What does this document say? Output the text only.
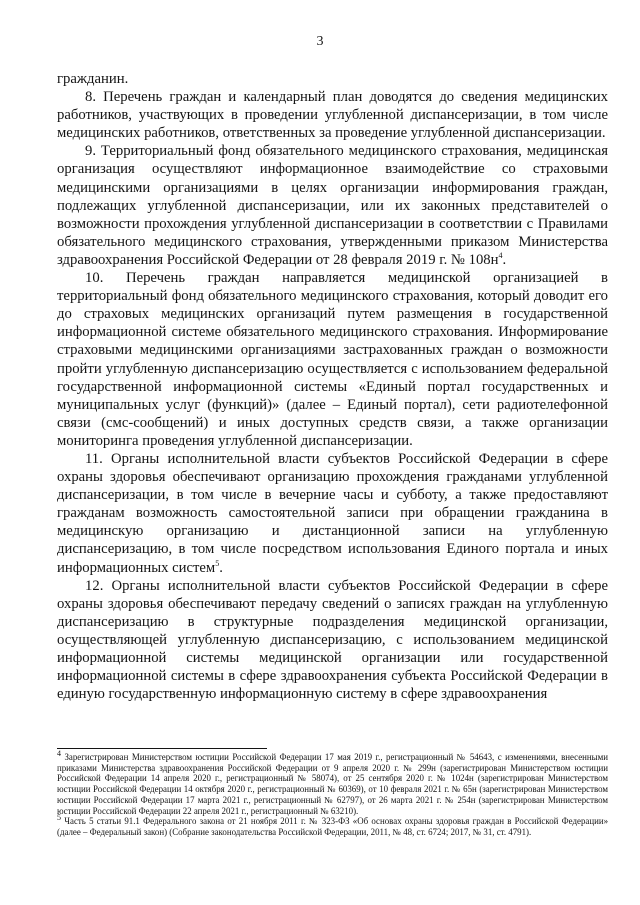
3

гражданин.

8. Перечень граждан и календарный план доводятся до сведения медицинских работников, участвующих в проведении углубленной диспансеризации, в том числе медицинских работников, ответственных за проведение углубленной диспансеризации.

9. Территориальный фонд обязательного медицинского страхования, медицинская организация осуществляют информационное взаимодействие со страховыми медицинскими организациями в целях организации информирования граждан, подлежащих углубленной диспансеризации, или их законных представителей о возможности прохождения углубленной диспансеризации в соответствии с Правилами обязательного медицинского страхования, утвержденными приказом Министерства здравоохранения Российской Федерации от 28 февраля 2019 г. № $108н^4$.

10. Перечень граждан направляется медицинской организацией в территориальный фонд обязательного медицинского страхования, который доводит его до страховых медицинских организаций путем размещения в государственной информационной системе обязательного медицинского страхования. Информирование страховыми медицинскими организациями застрахованных граждан о возможности пройти углубленную диспансеризацию осуществляется с использованием федеральной государственной информационной системы «Единый портал государственных и муниципальных услуг (функций)» (далее – Единый портал), сети радиотелефонной связи (смс-сообщений) и иных доступных средств связи, а также организации мониторинга проведения углубленной диспансеризации.

11. Органы исполнительной власти субъектов Российской Федерации в сфере охраны здоровья обеспечивают организацию прохождения гражданами углубленной диспансеризации, в том числе в вечерние часы и субботу, а также предоставляют гражданам возможность самостоятельной записи при обращении гражданина в медицинскую организацию и дистанционной записи на углубленную диспансеризацию, в том числе посредством использования Единого портала и иных информационных систем$^5$.

12. Органы исполнительной власти субъектов Российской Федерации в сфере охраны здоровья обеспечивают передачу сведений о записях граждан на углубленную диспансеризацию в структурные подразделения медицинской организации, осуществляющей углубленную диспансеризацию, с использованием медицинской информационной системы медицинской организации или государственной информационной системы в сфере здравоохранения субъекта Российской Федерации в единую государственную информационную систему в сфере здравоохранения

$^4$ Зарегистрирован Министерством юстиции Российской Федерации 17 мая 2019 г., регистрационный № 54643, с изменениями, внесенными приказами Министерства здравоохранения Российской Федерации от 9 апреля 2020 г. № 299н (зарегистрирован Министерством юстиции Российской Федерации 14 апреля 2020 г., регистрационный № 58074), от 25 сентября 2020 г. № 1024н (зарегистрирован Министерством юстиции Российской Федерации 14 октября 2020 г., регистрационный № 60369), от 10 февраля 2021 г. № 65н (зарегистрирован Министерством юстиции Российской Федерации 17 марта 2021 г., регистрационный № 62797), от 26 марта 2021 г. № 254н (зарегистрирован Министерством юстиции Российской Федерации 22 апреля 2021 г., регистрационный № 63210).

$^5$ Часть 5 статьи 91.1 Федерального закона от 21 ноября 2011 г. № 323-ФЗ «Об основах охраны здоровья граждан в Российской Федерации» (далее – Федеральный закон) (Собрание законодательства Российской Федерации, 2011, № 48, ст. 6724; 2017, № 31, ст. 4791).
